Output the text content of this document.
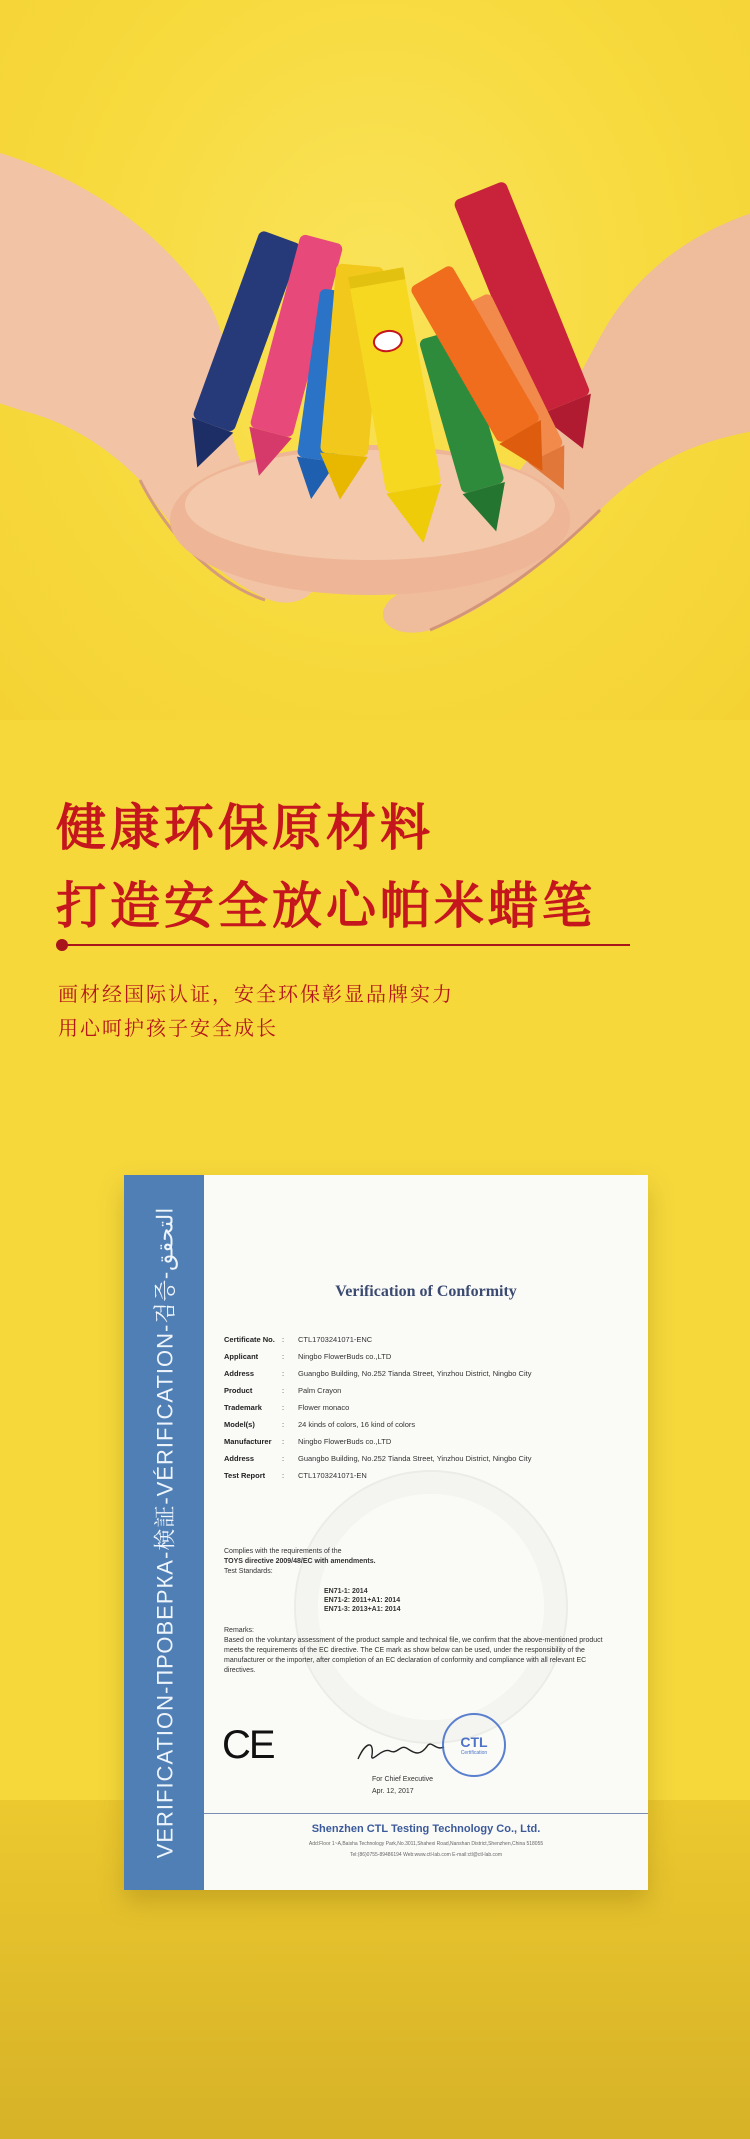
健康环保原材料
打造安全放心帕米蜡笔
画材经国际认证，安全环保彰显品牌实力
用心呵护孩子安全成长
VERIFICATION-ПРОВЕРКА-検証-VÉRIFICATION-검증-التحقق
Verification of Conformity
Certificate No. :	CTL1703241071-ENC
Applicant	:	Ningbo FlowerBuds co.,LTD
Address	:	Guangbo Building, No.252 Tianda Street, Yinzhou District, Ningbo City
Product	:	Palm Crayon
Trademark	:	Flower monaco
Model(s)	:	24 kinds of colors, 16 kind of colors
Manufacturer	:	Ningbo FlowerBuds co.,LTD
Address	:	Guangbo Building, No.252 Tianda Street, Yinzhou District, Ningbo City
Test Report	:	CTL1703241071-EN
Complies with the requirements of the
TOYS directive 2009/48/EC with amendments.
Test Standards:
EN71-1: 2014
EN71-2: 2011+A1: 2014
EN71-3: 2013+A1: 2014
Remarks:
Based on the voluntary assessment of the product sample and technical file, we confirm that the above-mentioned product meets the requirements of the EC directive. The CE mark as show below can be used, under the responsibility of the manufacturer or the importer, after completion of an EC declaration of conformity and compliance with all relevant EC directives.
CE	CTL
Certification
For Chief Executive
Apr. 12, 2017
Shenzhen CTL Testing Technology Co., Ltd.
Add:Floor 1~A,Baisha Technology Park,No.3011,Shahexi Road,Nanshan District,Shenzhen,China 518055
Tel:(86)0755-89486194 Web:www.ctl-lab.com E-mail:ctl@ctl-lab.com
